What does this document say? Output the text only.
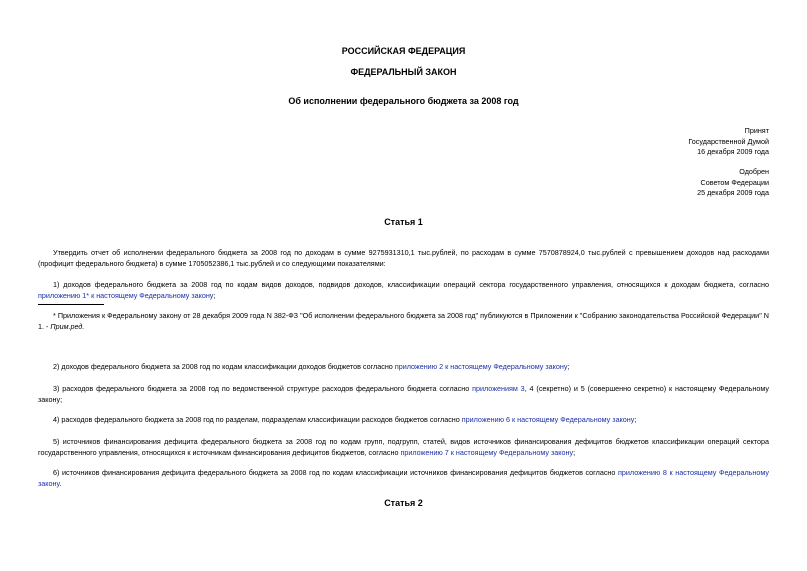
РОССИЙСКАЯ ФЕДЕРАЦИЯ
ФЕДЕРАЛЬНЫЙ ЗАКОН
Об исполнении федерального бюджета за 2008 год
Принят
Государственной Думой
16 декабря 2009 года
Одобрен
Советом Федерации
25 декабря 2009 года
Статья 1
Утвердить отчет об исполнении федерального бюджета за 2008 год по доходам в сумме 9275931310,1 тыс.рублей, по расходам в сумме 7570878924,0 тыс.рублей с превышением доходов над расходами (профицит федерального бюджета) в сумме 1705052386,1 тыс.рублей и со следующими показателями:
1) доходов федерального бюджета за 2008 год по кодам видов доходов, подвидов доходов, классификации операций сектора государственного управления, относящихся к доходам бюджета, согласно приложению 1* к настоящему Федеральному закону;
* Приложения к Федеральному закону от 28 декабря 2009 года N 382-ФЗ "Об исполнении федерального бюджета за 2008 год" публикуются в Приложении к "Собранию законодательства Российской Федерации" N 1. - Прим.ред.
2) доходов федерального бюджета за 2008 год по кодам классификации доходов бюджетов согласно приложению 2 к настоящему Федеральному закону;
3) расходов федерального бюджета за 2008 год по ведомственной структуре расходов федерального бюджета согласно приложениям 3, 4 (секретно) и 5 (совершенно секретно) к настоящему Федеральному закону;
4) расходов федерального бюджета за 2008 год по разделам, подразделам классификации расходов бюджетов согласно приложению 6 к настоящему Федеральному закону;
5) источников финансирования дефицита федерального бюджета за 2008 год по кодам групп, подгрупп, статей, видов источников финансирования дефицитов бюджетов классификации операций сектора государственного управления, относящихся к источникам финансирования дефицитов бюджетов, согласно приложению 7 к настоящему Федеральному закону;
6) источников финансирования дефицита федерального бюджета за 2008 год по кодам классификации источников финансирования дефицитов бюджетов согласно приложению 8 к настоящему Федеральному закону.
Статья 2
